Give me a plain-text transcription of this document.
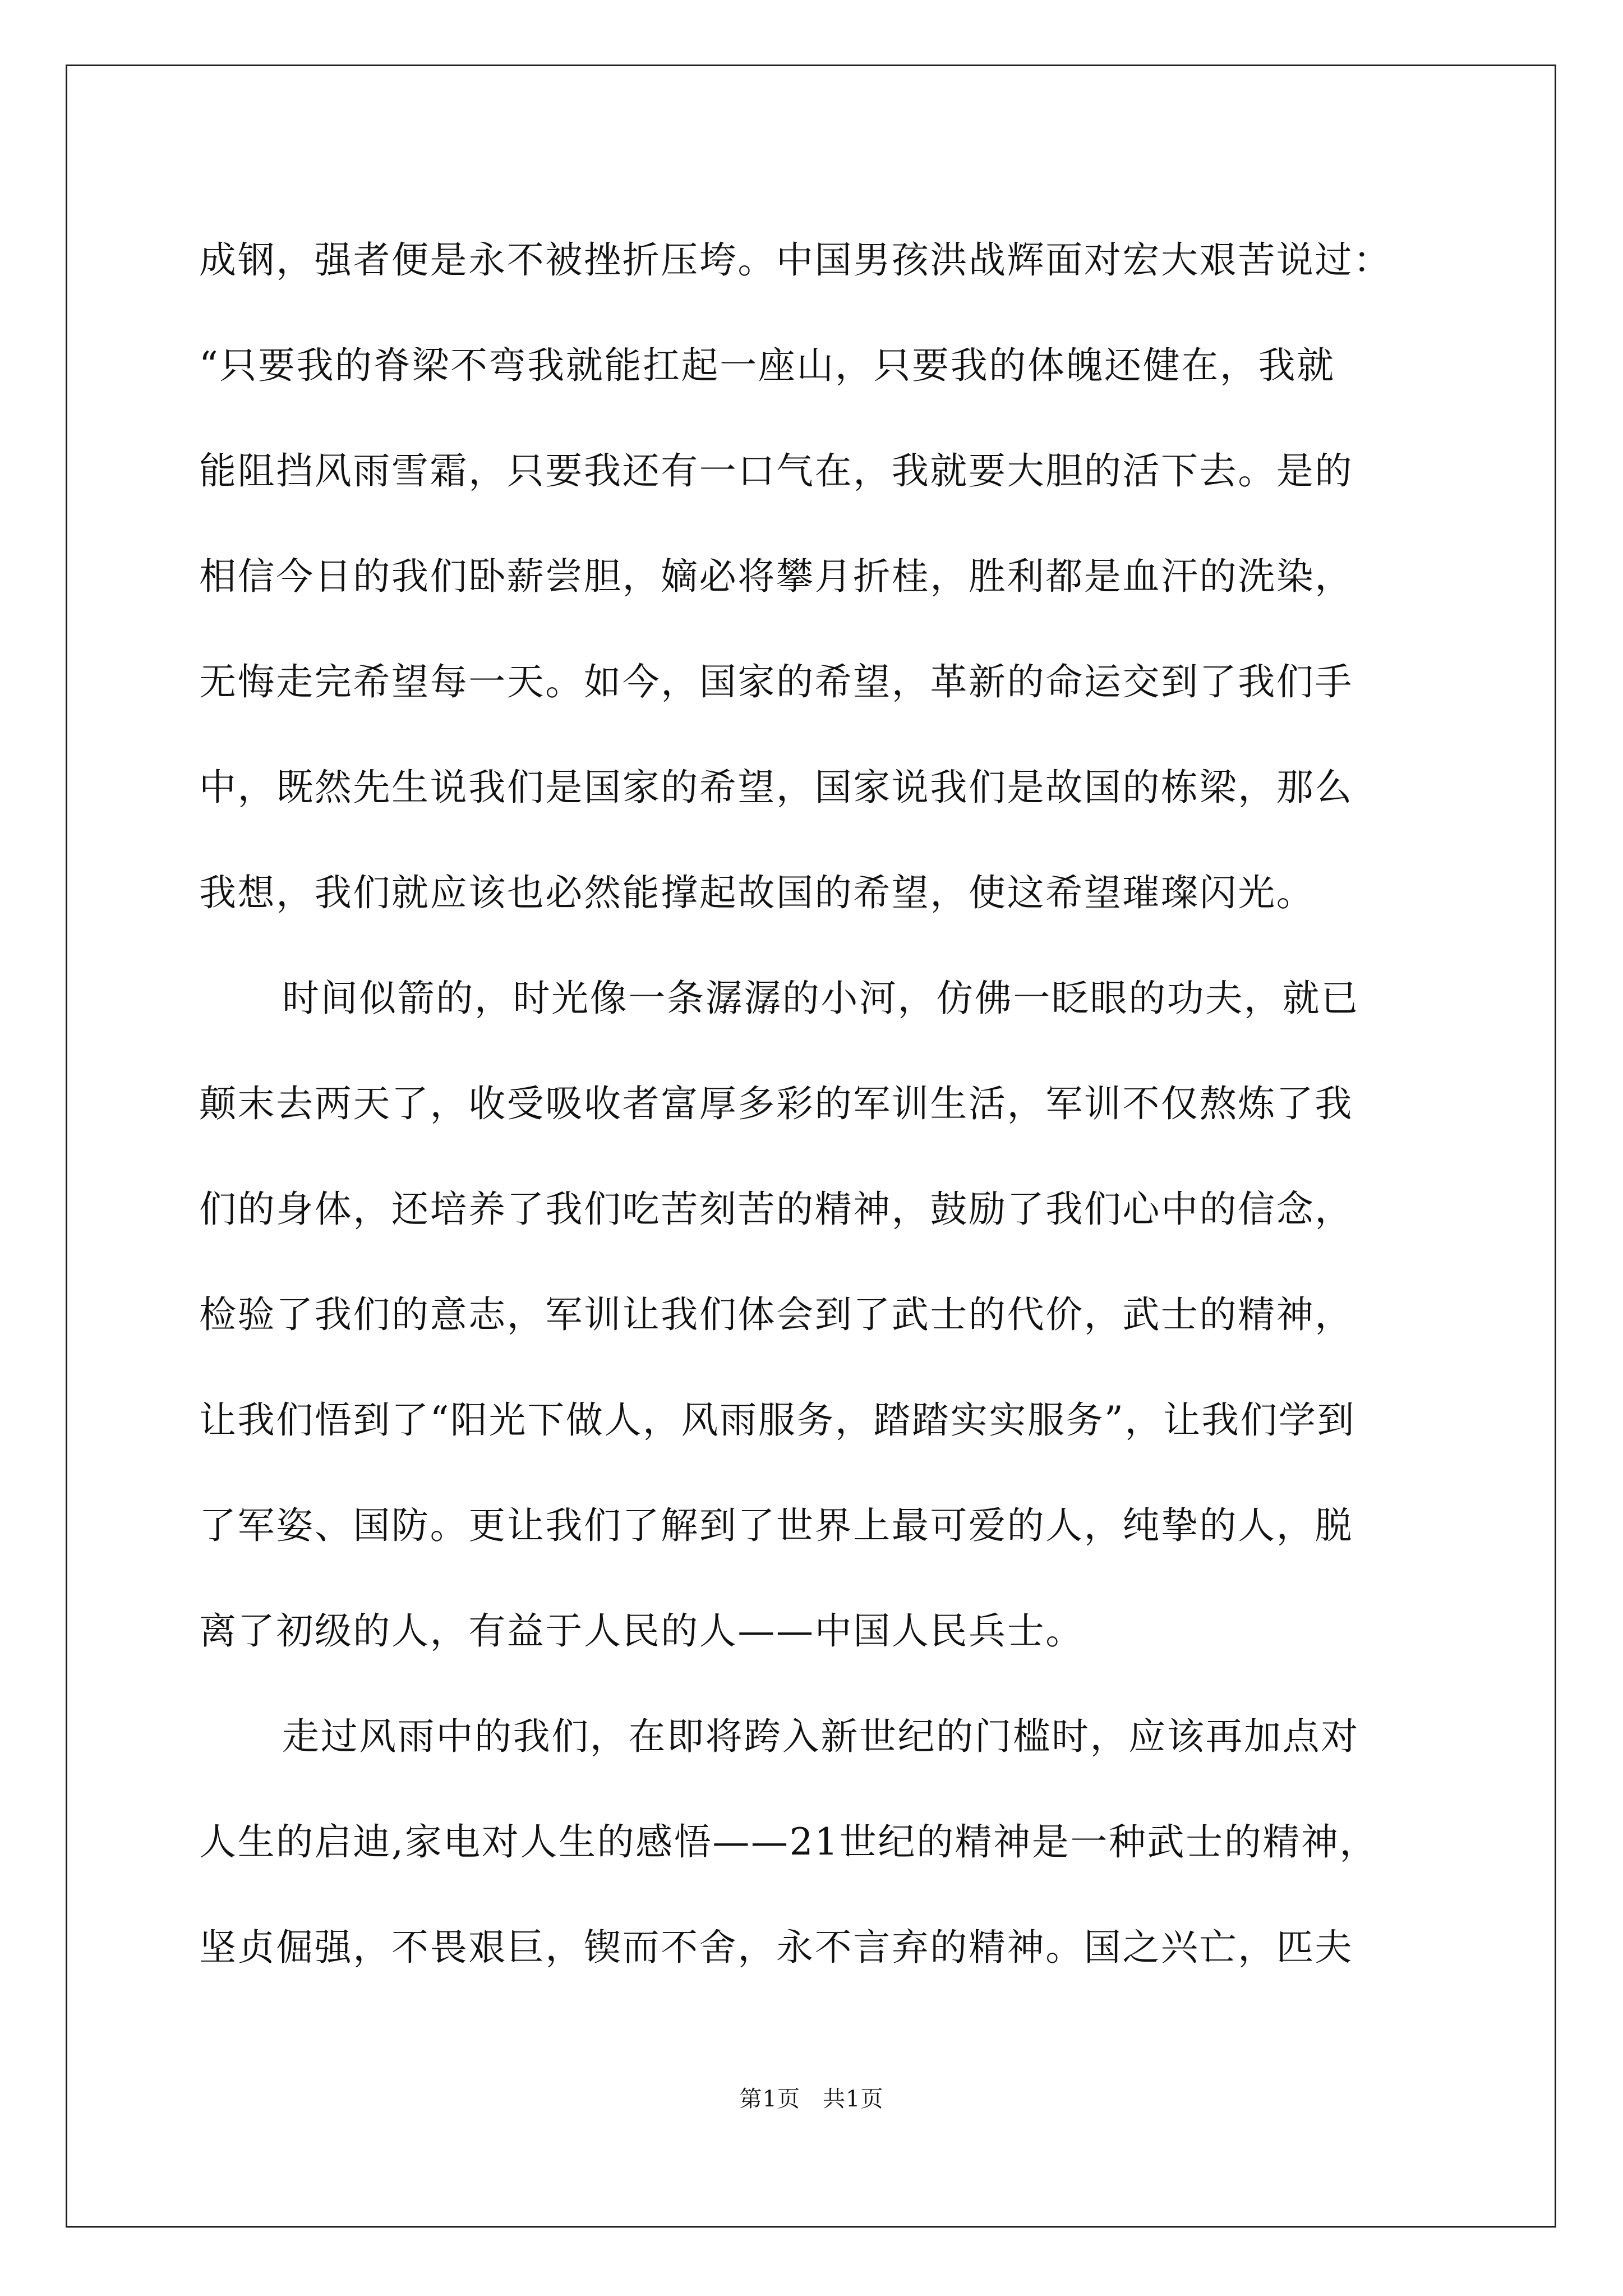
成钢，强者便是永不被挫折压垮。中国男孩洪战辉面对宏大艰苦说过：
“只要我的脊梁不弯我就能扛起一座山，只要我的体魄还健在，我就
能阻挡风雨雪霜，只要我还有一口气在，我就要大胆的活下去。是的
相信今日的我们卧薪尝胆，嫡必将攀月折桂，胜利都是血汗的洗染，
无悔走完希望每一天。如今，国家的希望，革新的命运交到了我们手
中，既然先生说我们是国家的希望，国家说我们是故国的栋梁，那么
我想，我们就应该也必然能撑起故国的希望，使这希望璀璨闪光。
时间似箭的，时光像一条潺潺的小河，仿佛一眨眼的功夫，就已
颠末去两天了，收受吸收者富厚多彩的军训生活，军训不仅熬炼了我
们的身体，还培养了我们吃苦刻苦的精神，鼓励了我们心中的信念，
检验了我们的意志，军训让我们体会到了武士的代价，武士的精神，
让我们悟到了“阳光下做人，风雨服务，踏踏实实服务”，让我们学到
了军姿、国防。更让我们了解到了世界上最可爱的人，纯挚的人，脱
离了初级的人，有益于人民的人——中国人民兵士。
走过风雨中的我们，在即将跨入新世纪的门槛时，应该再加点对
人生的启迪,家电对人生的感悟——21世纪的精神是一种武士的精神，
坚贞倔强，不畏艰巨，锲而不舍，永不言弃的精神。国之兴亡，匹夫
第1页 共1页
